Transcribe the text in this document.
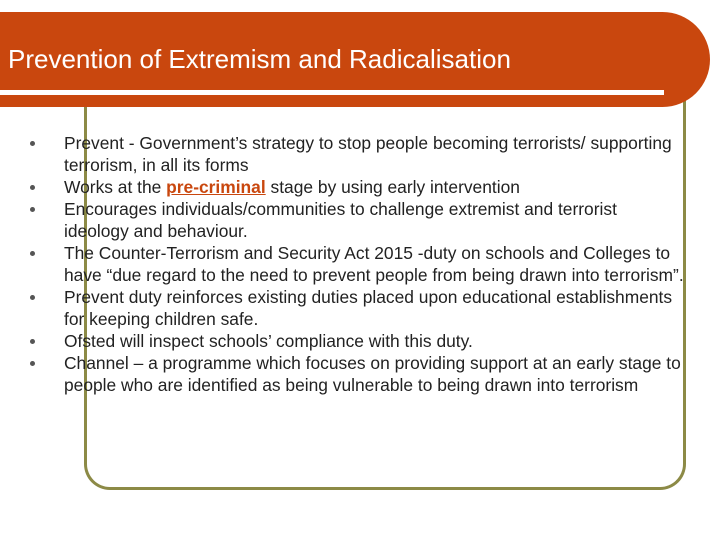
Prevention of Extremism and Radicalisation
Prevent - Government’s strategy to stop people becoming terrorists/ supporting terrorism, in all its forms
Works at the pre-criminal stage by using early intervention
Encourages individuals/communities to challenge extremist and terrorist ideology and behaviour.
The Counter-Terrorism and Security Act 2015 -duty on schools and Colleges to have “due regard to the need to prevent people from being drawn into terrorism”.
Prevent duty reinforces existing duties placed upon educational establishments for keeping children safe.
Ofsted will inspect schools’ compliance with this duty.
Channel – a programme which focuses on providing support at an early stage to people who are identified as being vulnerable to being drawn into terrorism
